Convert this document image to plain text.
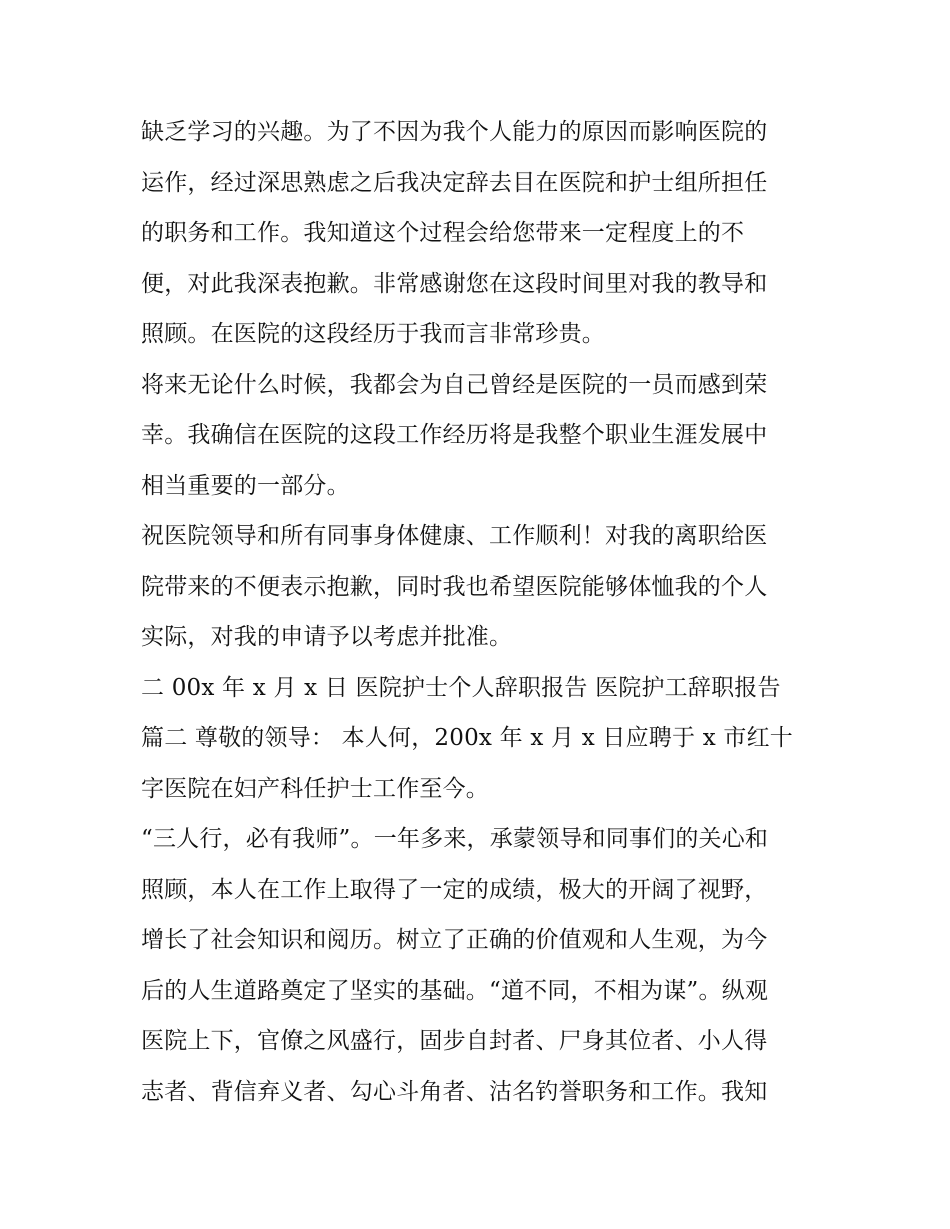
缺乏学习的兴趣。为了不因为我个人能力的原因而影响医院的
运作，经过深思熟虑之后我决定辞去目在医院和护士组所担任
的职务和工作。我知道这个过程会给您带来一定程度上的不
便，对此我深表抱歉。非常感谢您在这段时间里对我的教导和
照顾。在医院的这段经历于我而言非常珍贵。
将来无论什么时候，我都会为自己曾经是医院的一员而感到荣
幸。我确信在医院的这段工作经历将是我整个职业生涯发展中
相当重要的一部分。
祝医院领导和所有同事身体健康、工作顺利！对我的离职给医
院带来的不便表示抱歉，同时我也希望医院能够体恤我的个人
实际，对我的申请予以考虑并批准。
二 00x 年 x 月 x 日 医院护士个人辞职报告 医院护工辞职报告
篇二 尊敬的领导： 本人何，200x 年 x 月 x 日应聘于 x 市红十
字医院在妇产科任护士工作至今。
“三人行，必有我师”。一年多来，承蒙领导和同事们的关心和
照顾，本人在工作上取得了一定的成绩，极大的开阔了视野，
增长了社会知识和阅历。树立了正确的价值观和人生观，为今
后的人生道路奠定了坚实的基础。“道不同，不相为谋”。纵观
医院上下，官僚之风盛行，固步自封者、尸身其位者、小人得
志者、背信弃义者、勾心斗角者、沽名钓誉职务和工作。我知
